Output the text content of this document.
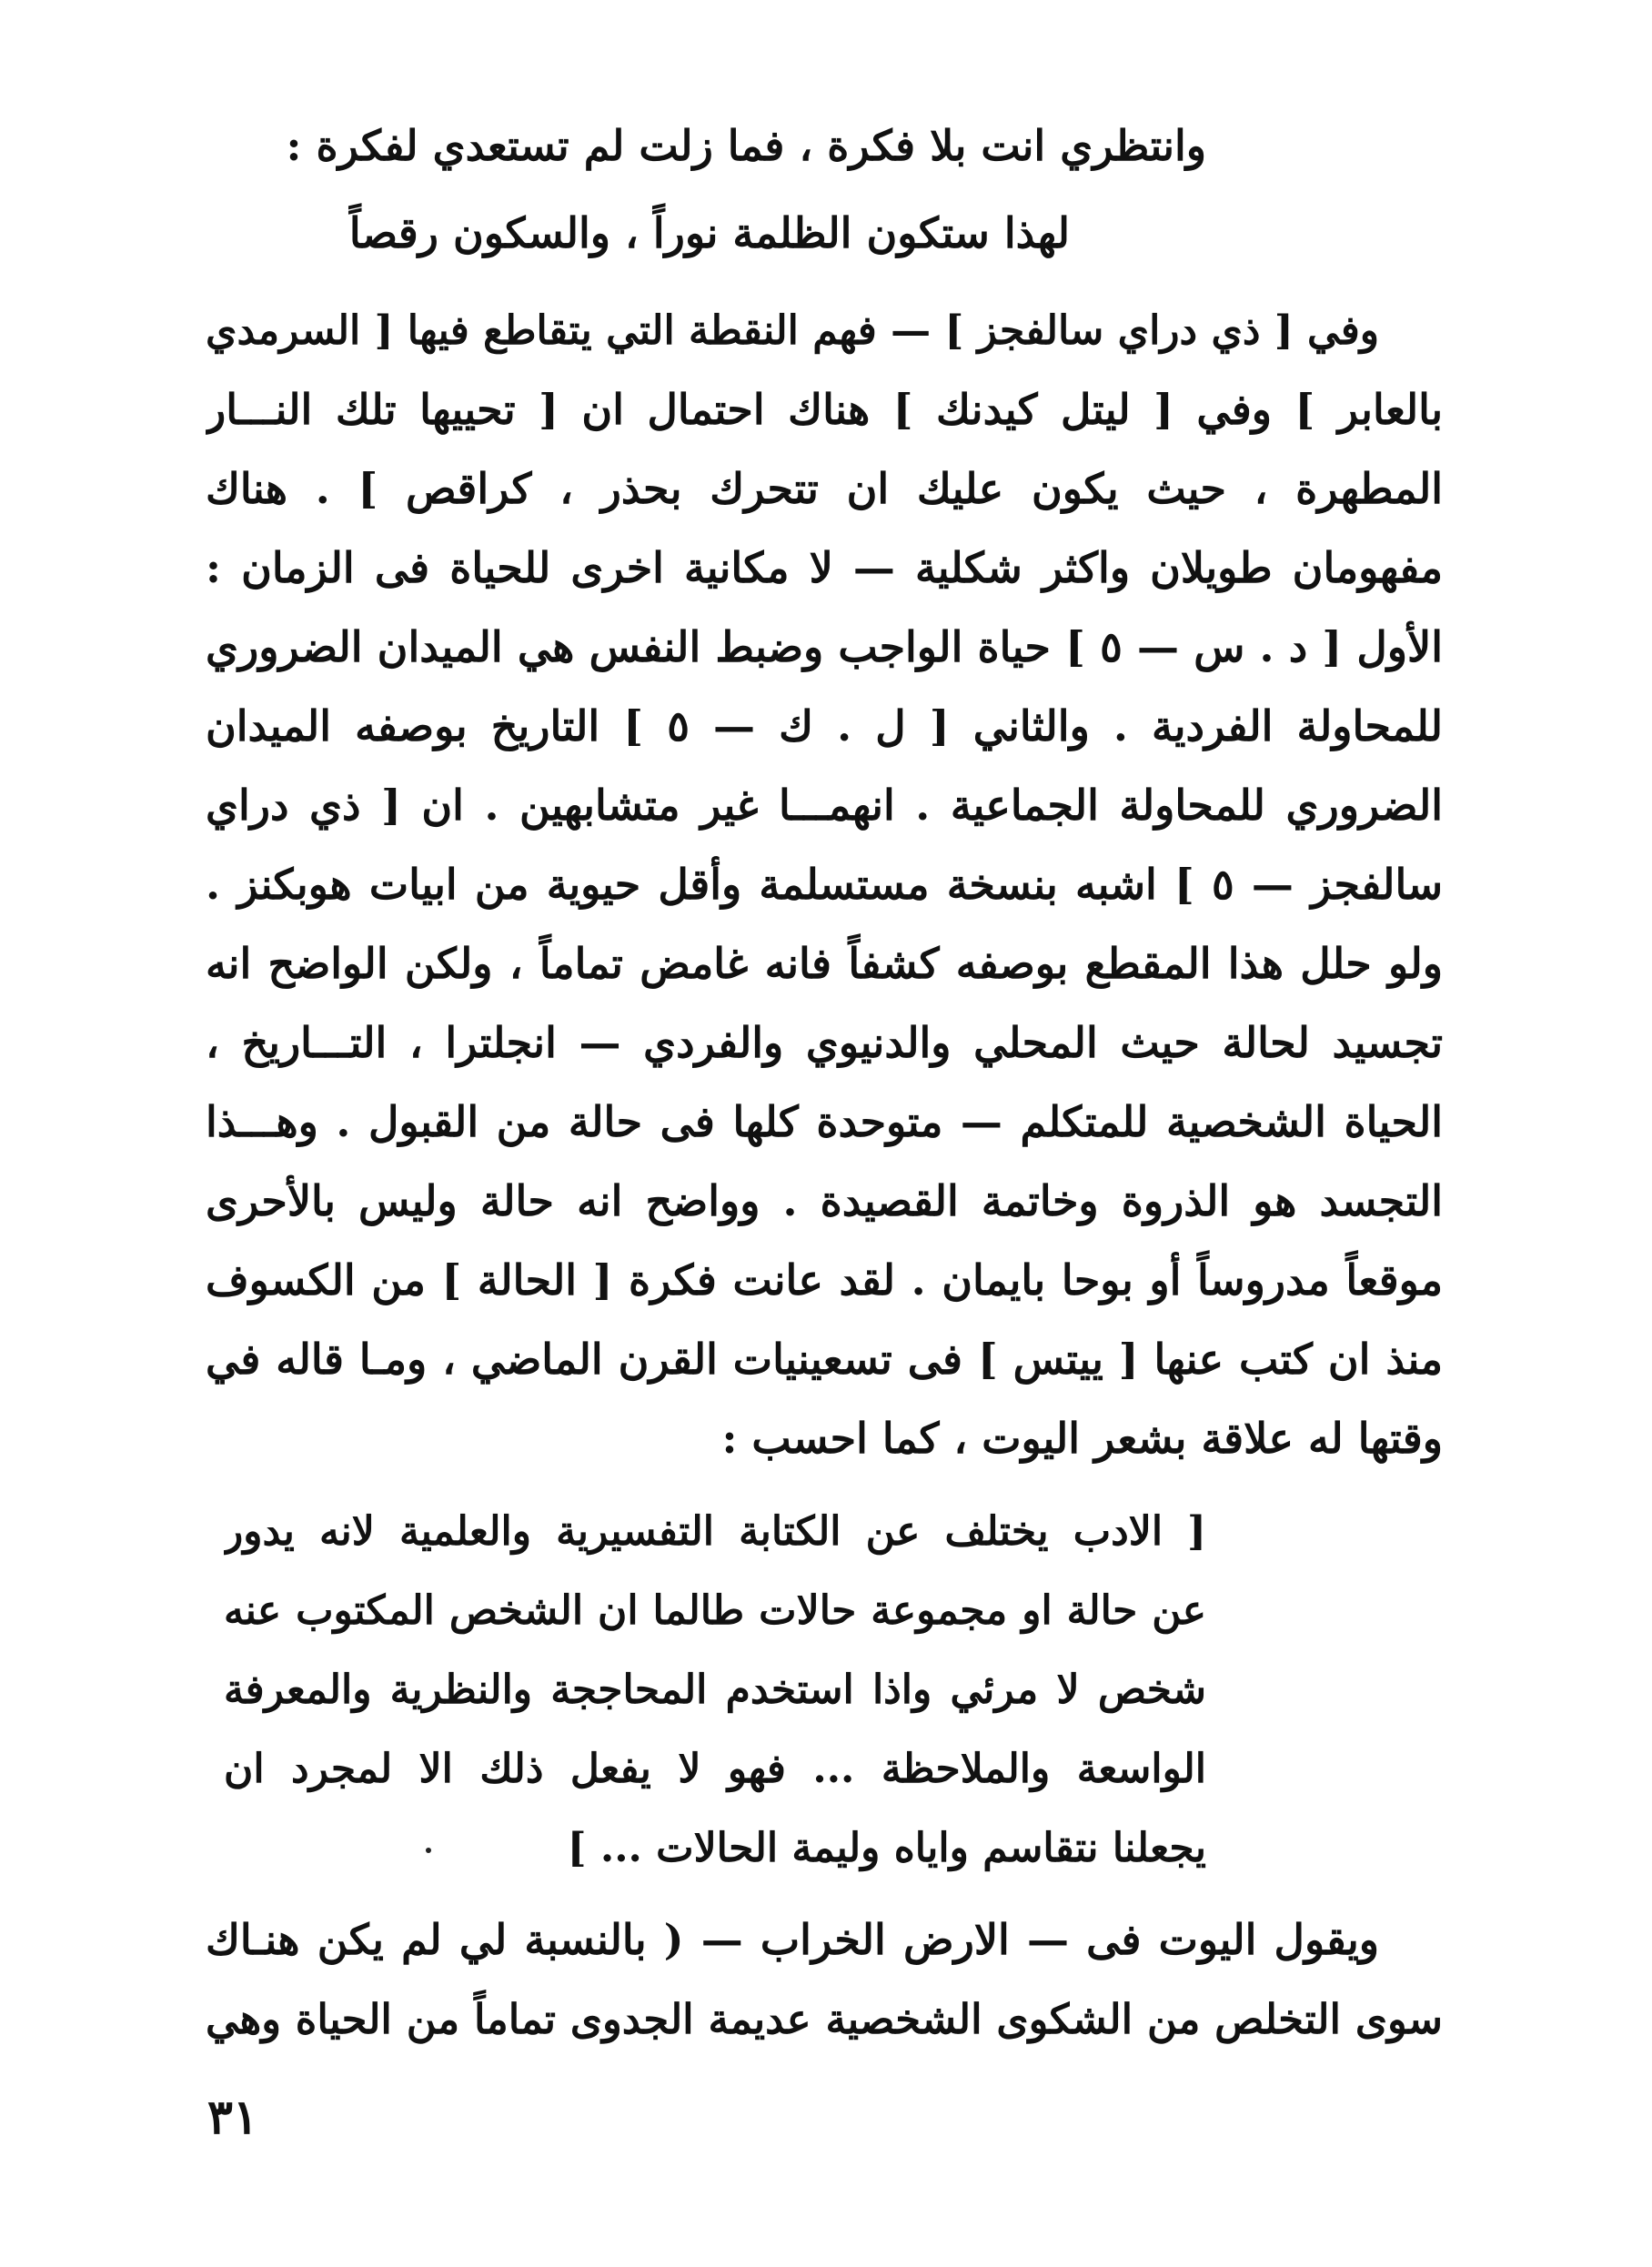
وانتظري انت بلا فكرة ، فما زلت لم تستعدي لفكرة :
لهذا ستكون الظلمة نوراً ، والسكون رقصاً
وفي [ ذي دراي سالفجز ] — فهم النقطة التي يتقاطع فيها [ السرمدي
بالعابر ] وفي [ ليتل كيدنك ] هناك احتمال ان [ تحييها تلك النـــار
المطهرة ، حيث يكون عليك ان تتحرك بحذر ، كراقص ] . هناك
مفهومان طويلان واكثر شكلية — لا مكانية اخرى للحياة فى الزمان :
الأول [ د . س — ٥ ] حياة الواجب وضبط النفس هي الميدان الضروري
للمحاولة الفردية . والثاني [ ل . ك — ٥ ] التاريخ بوصفه الميدان
الضروري للمحاولة الجماعية . انهمـــا غير متشابهين . ان [ ذي دراي
سالفجز — ٥ ] اشبه بنسخة مستسلمة وأقل حيوية من ابيات هوبكنز .
ولو حلل هذا المقطع بوصفه كشفاً فانه غامض تماماً ، ولكن الواضح انه
تجسيد لحالة حيث المحلي والدنيوي والفردي — انجلترا ، التـــاريخ ،
الحياة الشخصية للمتكلم — متوحدة كلها فى حالة من القبول . وهـــذا
التجسد هو الذروة وخاتمة القصيدة . وواضح انه حالة وليس بالأحرى
موقعاً مدروساً أو بوحا بايمان . لقد عانت فكرة [ الحالة ] من الكسوف
منذ ان كتب عنها [ ييتس ] فى تسعينيات القرن الماضي ، ومـا قاله في
وقتها له علاقة بشعر اليوت ، كما احسب :
[ الادب يختلف عن الكتابة التفسيرية والعلمية لانه يدور
عن حالة او مجموعة حالات طالما ان الشخص المكتوب عنه
شخص لا مرئي واذا استخدم المحاججة والنظرية والمعرفة
الواسعة والملاحظة ... فهو لا يفعل ذلك الا لمجرد ان
يجعلنا نتقاسم واياه وليمة الحالات ... ]
ويقول اليوت فى — الارض الخراب — ( بالنسبة لي لم يكن هنـاك
سوى التخلص من الشكوى الشخصية عديمة الجدوى تماماً من الحياة وهي
٣١
